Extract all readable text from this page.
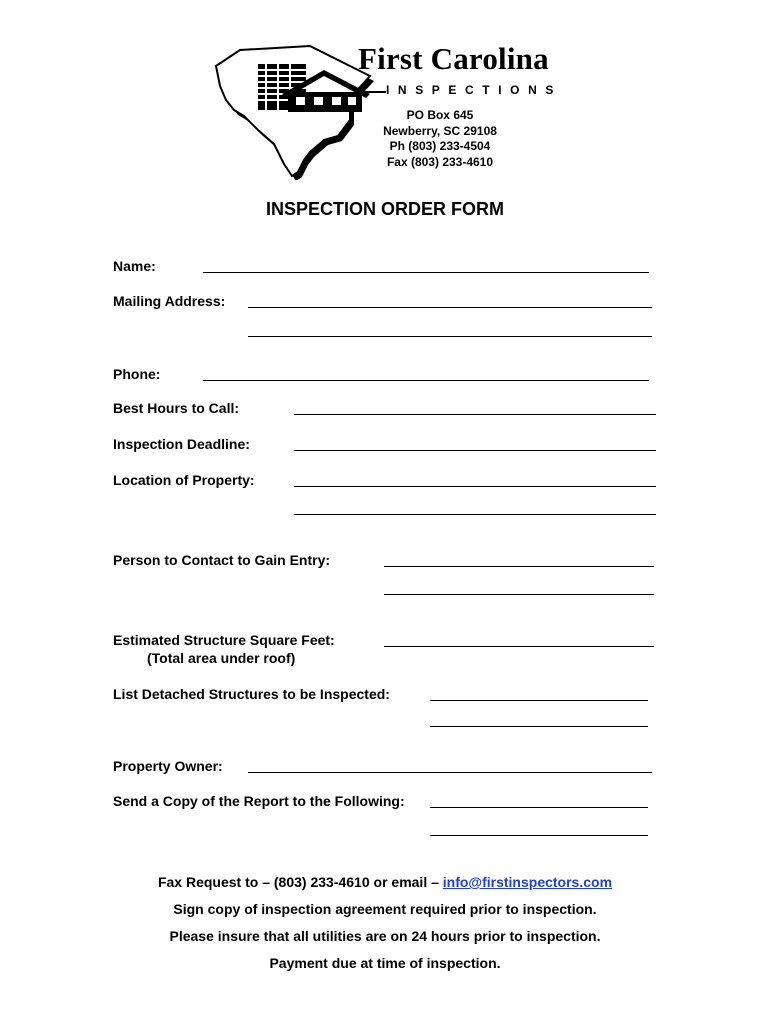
First Carolina
INSPECTIONS
PO Box 645
Newberry, SC 29108
Ph (803) 233-4504
Fax (803) 233-4610
INSPECTION ORDER FORM
Name:
Mailing Address:
Phone:
Best Hours to Call:
Inspection Deadline:
Location of Property:
Person to Contact to Gain Entry:
Estimated Structure Square Feet:
(Total area under roof)
List Detached Structures to be Inspected:
Property Owner:
Send a Copy of the Report to the Following:
Fax Request to – (803) 233-4610 or email – info@firstinspectors.com
Sign copy of inspection agreement required prior to inspection.
Please insure that all utilities are on 24 hours prior to inspection.
Payment due at time of inspection.
